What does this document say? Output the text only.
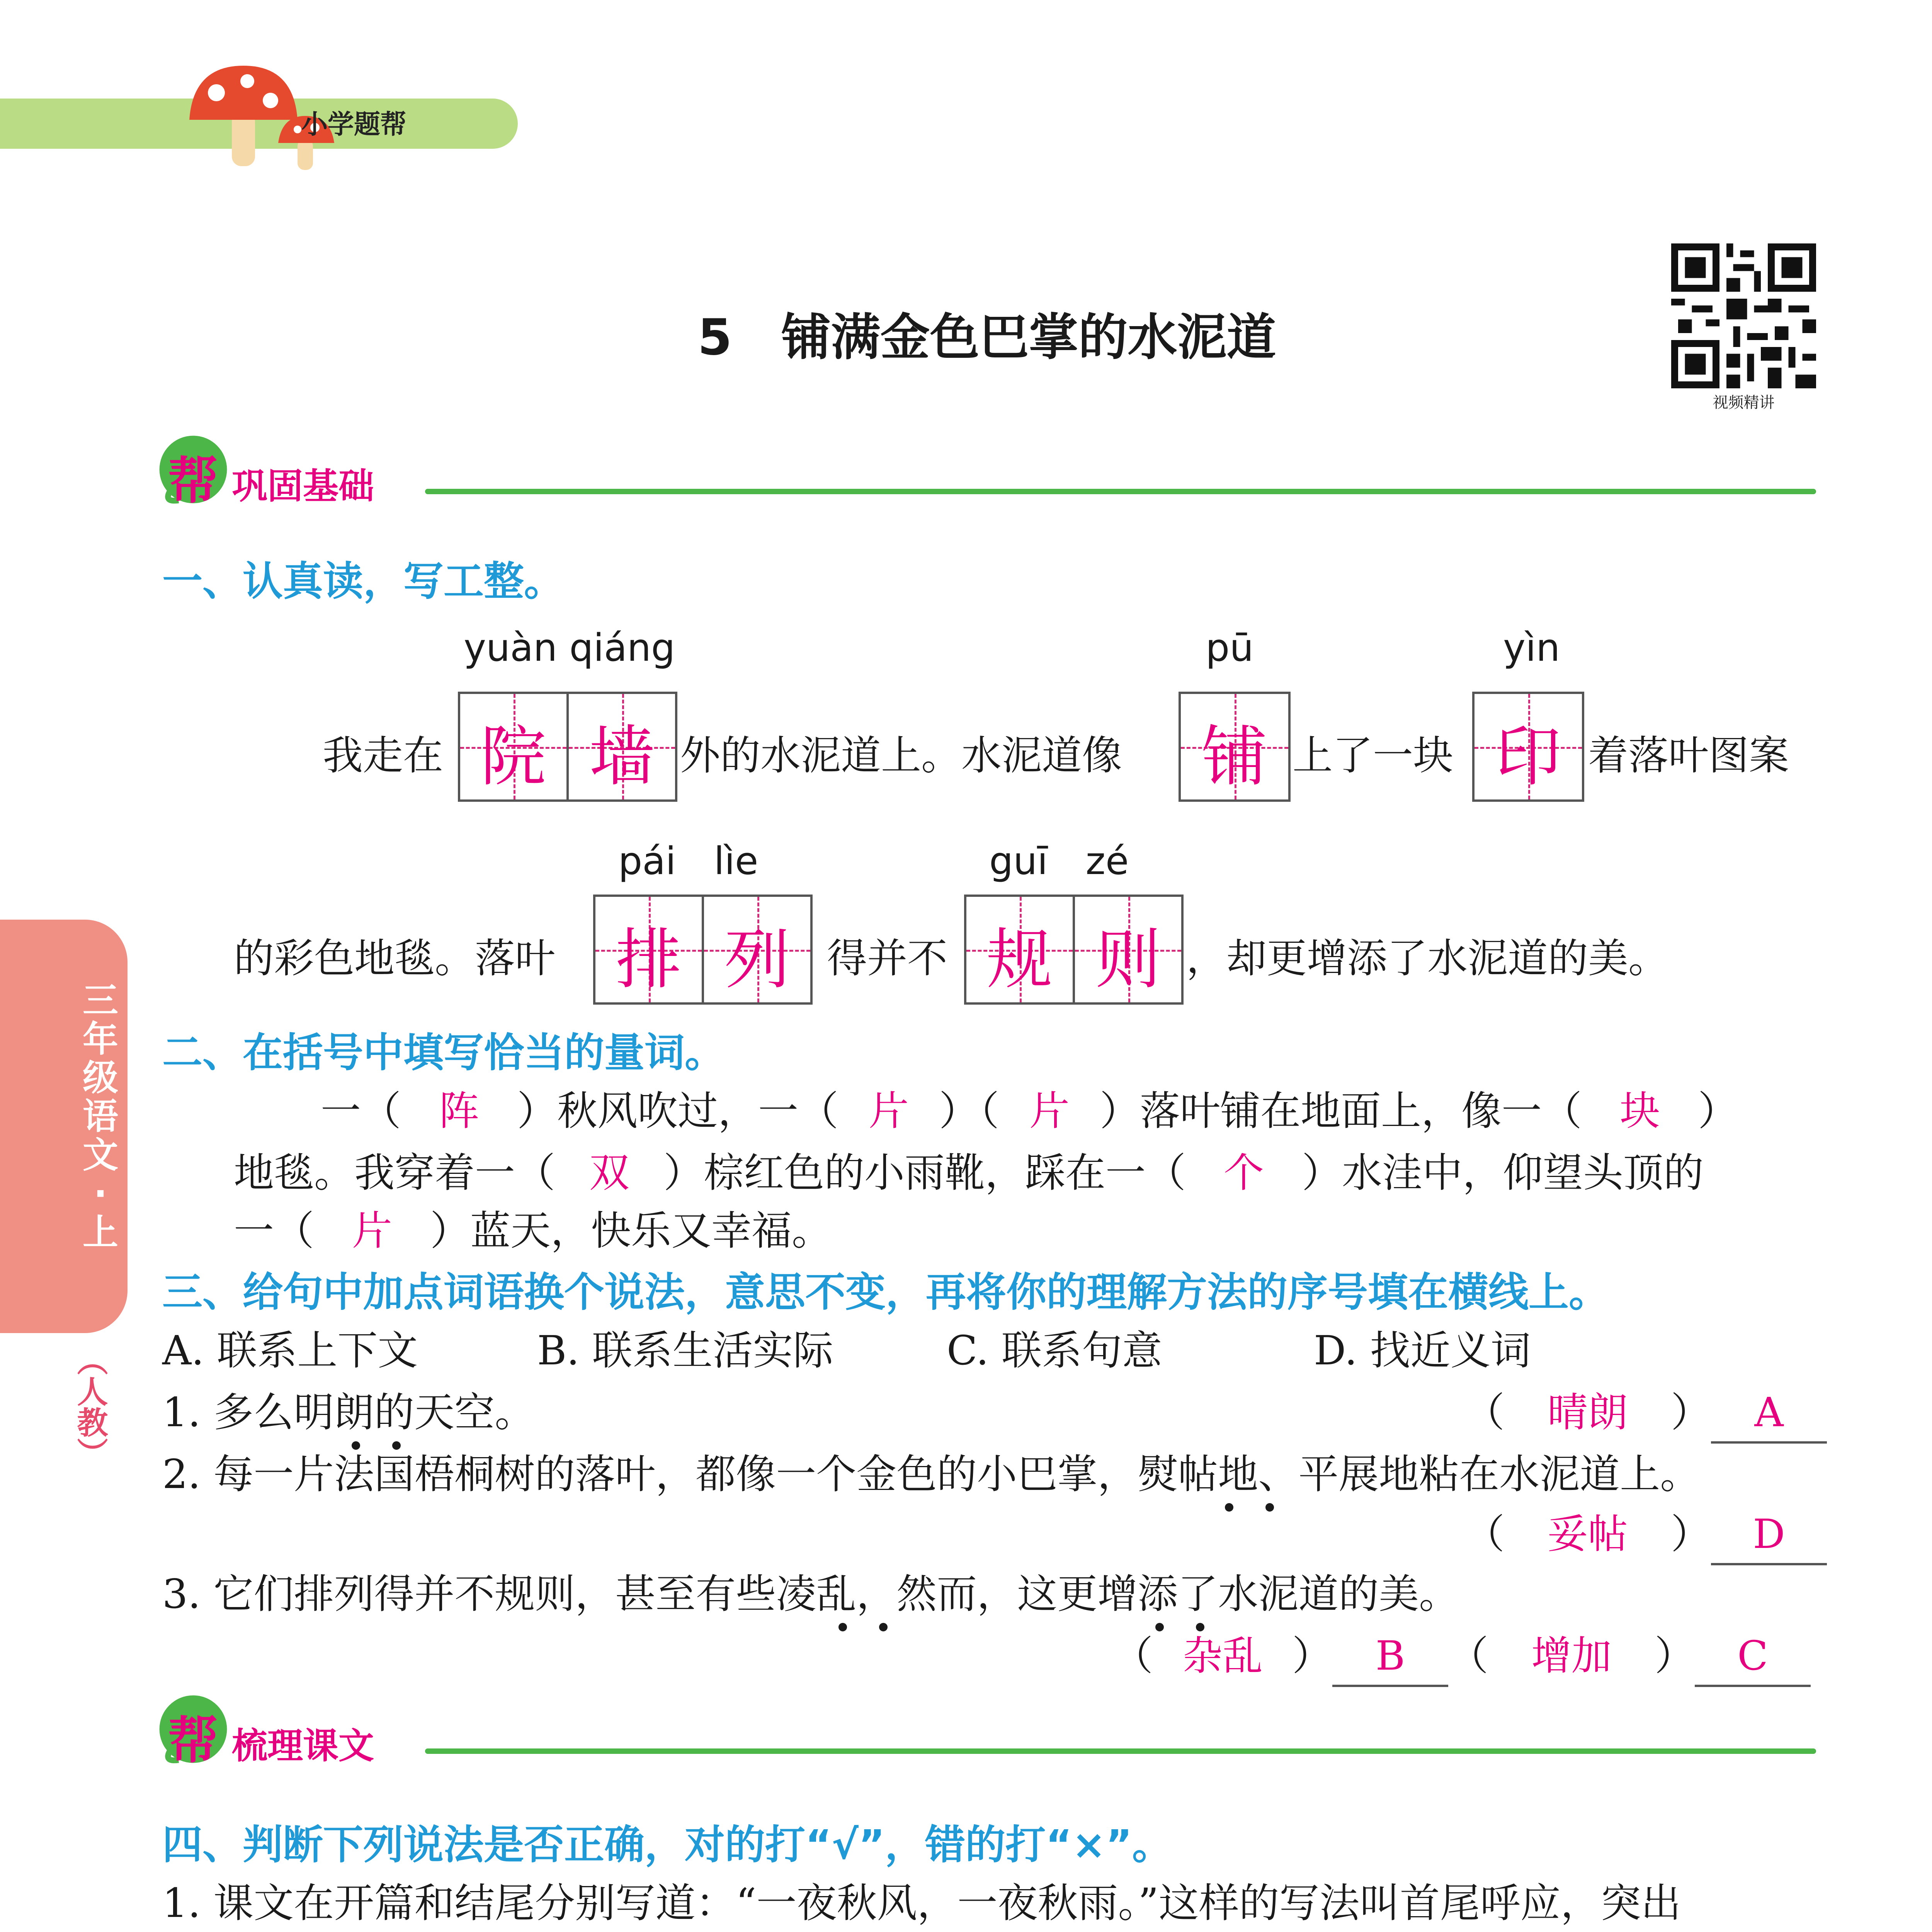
小学题帮
5　铺满金色巴掌的水泥道
视频精讲
三
年
级
语
文
·
上
（人教）
帮 巩固基础
一、认真读，写工整。
yuàn qiáng	pū	yìn
我走在 院 墙 外的水泥道上。水泥道像	铺 上了一块 印 着落叶图案
pái　lìe	guī　zé
的彩色地毯。落叶 排 列 得并不 规 则 ，却更增添了水泥道的美。
二、在括号中填写恰当的量词。
一（ 阵 ）秋风吹过，一（ 片 ）（ 片 ）落叶铺在地面上，像一（ 块 ）
地毯。我穿着一（ 双 ）棕红色的小雨靴，踩在一（ 个 ）水洼中，仰望头顶的
一（ 片 ）蓝天，快乐又幸福。
三、给句中加点词语换个说法，意思不变，再将你的理解方法的序号填在横线上。
A. 联系上下文	B. 联系生活实际	C. 联系句意	D. 找近义词
1. 多么明朗的天空。	（ 晴朗 ） A
2. 每一片法国梧桐树的落叶，都像一个金色的小巴掌，熨帖地、平展地粘在水泥道上。
（ 妥帖 ） D
3. 它们排列得并不规则，甚至有些凌乱，然而，这更增添了水泥道的美。
（ 杂乱 ） B （ 增加 ） C
帮 梳理课文
四、判断下列说法是否正确，对的打“√”，错的打“×”。
1. 课文在开篇和结尾分别写道：“一夜秋风，一夜秋雨。”这样的写法叫首尾呼应，突出
